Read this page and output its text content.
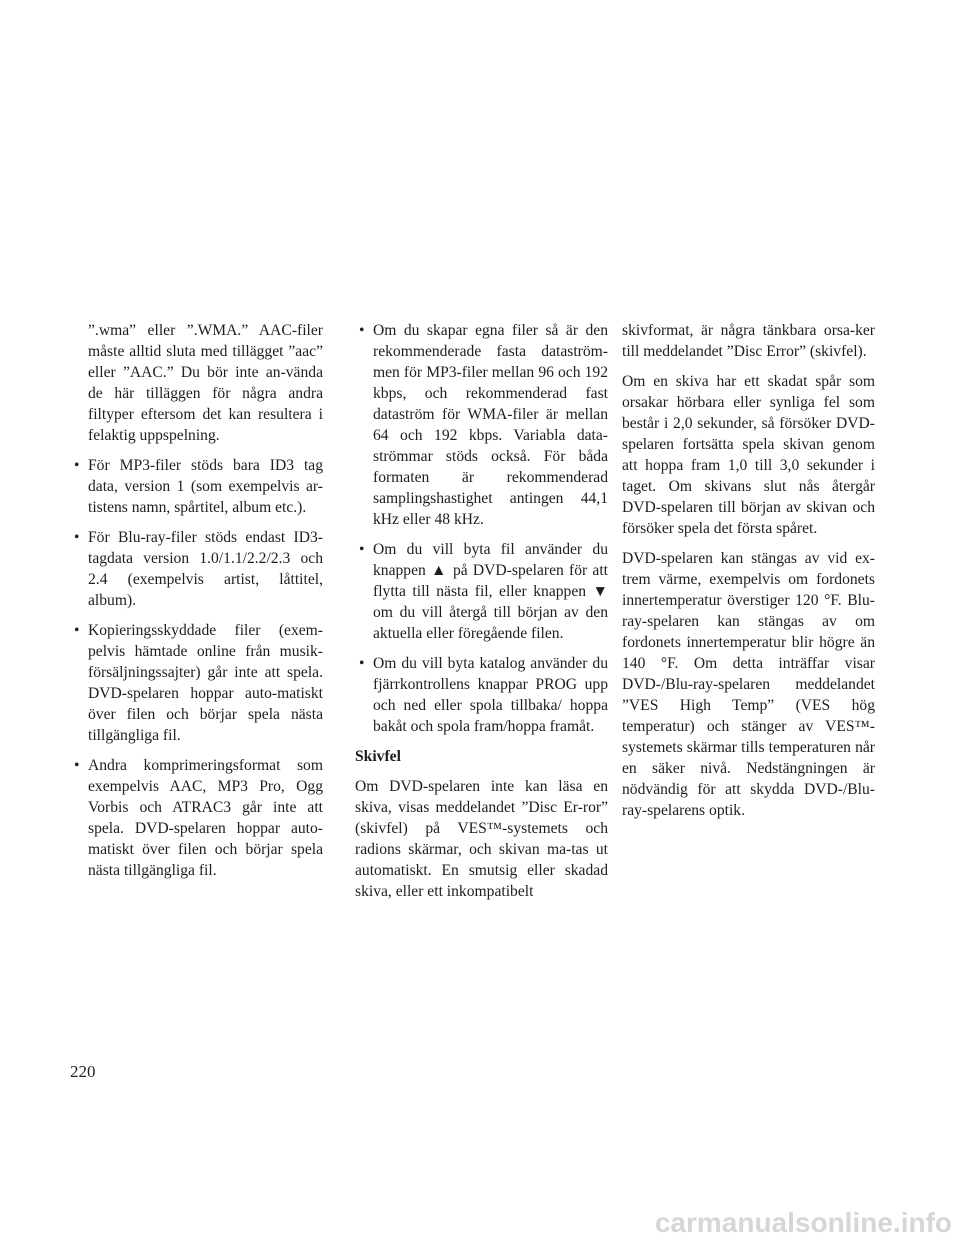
”.wma” eller ”.WMA.” AAC-filer måste alltid sluta med tillägget ”aac” eller ”AAC.” Du bör inte an-vända de här tilläggen för några andra filtyper eftersom det kan resultera i felaktig uppspelning.

• För MP3-filer stöds bara ID3 tag data, version 1 (som exempelvis ar-tistens namn, spårtitel, album etc.).
• För Blu-ray-filer stöds endast ID3-tagdata version 1.0/1.1/2.2/2.3 och 2.4 (exempelvis artist, låttitel, album).
• Kopieringsskyddade filer (exem-pelvis hämtade online från musik-försäljningssajter) går inte att spela. DVD-spelaren hoppar auto-matiskt över filen och börjar spela nästa tillgängliga fil.
• Andra komprimeringsformat som exempelvis AAC, MP3 Pro, Ogg Vorbis och ATRAC3 går inte att spela. DVD-spelaren hoppar auto-matiskt över filen och börjar spela nästa tillgängliga fil.
• Om du skapar egna filer så är den rekommenderade fasta dataström-men för MP3-filer mellan 96 och 192 kbps, och rekommenderad fast dataström för WMA-filer är mellan 64 och 192 kbps. Variabla data-strömmar stöds också. För båda formaten är rekommenderad samplingshastighet antingen 44,1 kHz eller 48 kHz.
• Om du vill byta fil använder du knappen ▲ på DVD-spelaren för att flytta till nästa fil, eller knappen ▼ om du vill återgå till början av den aktuella eller föregående filen.
• Om du vill byta katalog använder du fjärrkontrollens knappar PROG upp och ned eller spola tillbaka/ hoppa bakåt och spola fram/hoppa framåt.

Skivfel

Om DVD-spelaren inte kan läsa en skiva, visas meddelandet ”Disc Er-ror” (skivfel) på VES™-systemets och radions skärmar, och skivan ma-tas ut automatiskt. En smutsig eller skadad skiva, eller ett inkompatibelt

skivformat, är några tänkbara orsa-ker till meddelandet ”Disc Error” (skivfel).

Om en skiva har ett skadat spår som orsakar hörbara eller synliga fel som består i 2,0 sekunder, så försöker DVD-spelaren fortsätta spela skivan genom att hoppa fram 1,0 till 3,0 sekunder i taget. Om skivans slut nås återgår DVD-spelaren till början av skivan och försöker spela det första spåret.

DVD-spelaren kan stängas av vid ex-trem värme, exempelvis om fordonets innertemperatur överstiger 120 °F. Blu-ray-spelaren kan stängas av om fordonets innertemperatur blir högre än 140 °F. Om detta inträffar visar DVD-/Blu-ray-spelaren meddelandet ”VES High Temp” (VES hög temperatur) och stänger av VES™-systemets skärmar tills temperaturen når en säker nivå. Nedstängningen är nödvändig för att skydda DVD-/Blu-ray-spelarens optik.

220
carmanualsonline.info
